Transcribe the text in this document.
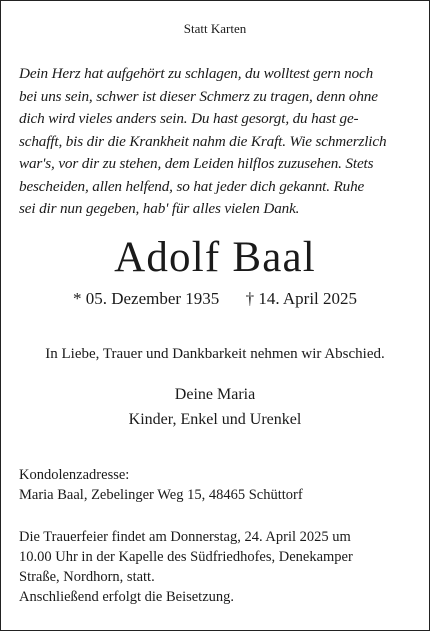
Statt Karten
Dein Herz hat aufgehört zu schlagen, du wolltest gern noch
bei uns sein, schwer ist dieser Schmerz zu tragen, denn ohne
dich wird vieles anders sein. Du hast gesorgt, du hast ge-
schafft, bis dir die Krankheit nahm die Kraft. Wie schmerzlich
war's, vor dir zu stehen, dem Leiden hilflos zuzusehen. Stets
bescheiden, allen helfend, so hat jeder dich gekannt. Ruhe
sei dir nun gegeben, hab' für alles vielen Dank.
Adolf Baal
* 05. Dezember 1935 † 14. April 2025
In Liebe, Trauer und Dankbarkeit nehmen wir Abschied.
Deine Maria
Kinder, Enkel und Urenkel
Kondolenzadresse:
Maria Baal, Zebelinger Weg 15, 48465 Schüttorf
Die Trauerfeier findet am Donnerstag, 24. April 2025 um
10.00 Uhr in der Kapelle des Südfriedhofes, Denekamper
Straße, Nordhorn, statt.
Anschließend erfolgt die Beisetzung.
